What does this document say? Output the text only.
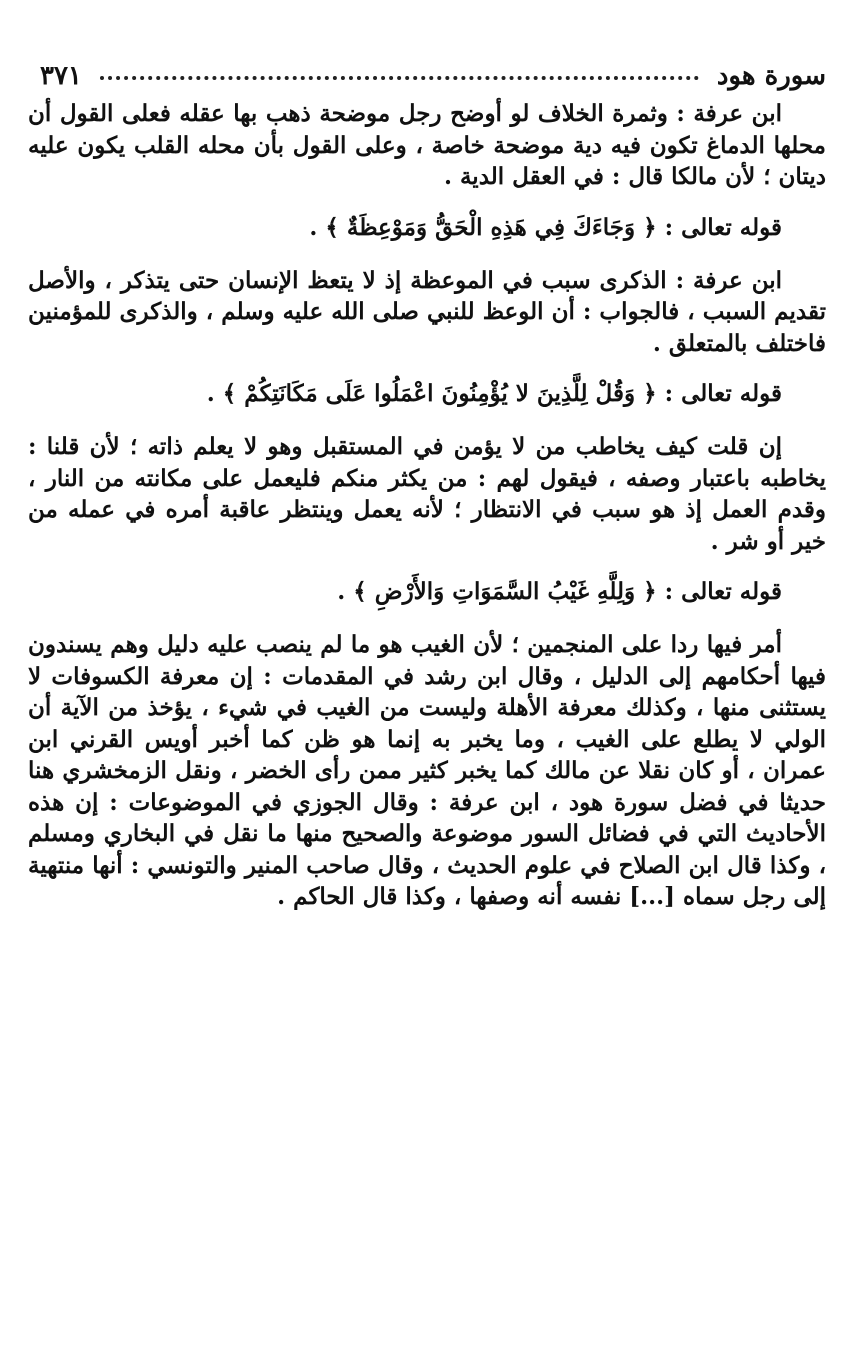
سورة هود
٣٧١

ابن عرفة : وثمرة الخلاف لو أوضح رجل موضحة ذهب بها عقله فعلى القول أن محلها الدماغ تكون فيه دية موضحة خاصة ، وعلى القول بأن محله القلب يكون عليه ديتان ؛ لأن مالكا قال : في العقل الدية .

قوله تعالى : ﴿ وَجَاءَكَ فِي هَذِهِ الْحَقُّ وَمَوْعِظَةٌ ﴾ .

ابن عرفة : الذكرى سبب في الموعظة إذ لا يتعظ الإنسان حتى يتذكر ، والأصل تقديم السبب ، فالجواب : أن الوعظ للنبي صلى الله عليه وسلم ، والذكرى للمؤمنين فاختلف بالمتعلق .

قوله تعالى : ﴿ وَقُلْ لِلَّذِينَ لا يُؤْمِنُونَ اعْمَلُوا عَلَى مَكَانَتِكُمْ ﴾ .

إن قلت كيف يخاطب من لا يؤمن في المستقبل وهو لا يعلم ذاته ؛ لأن قلنا : يخاطبه باعتبار وصفه ، فيقول لهم : من يكثر منكم فليعمل على مكانته من النار ، وقدم العمل إذ هو سبب في الانتظار ؛ لأنه يعمل وينتظر عاقبة أمره في عمله من خير أو شر .

قوله تعالى : ﴿ وَلِلَّهِ غَيْبُ السَّمَوَاتِ وَالأَرْضِ ﴾ .

أمر فيها ردا على المنجمين ؛ لأن الغيب هو ما لم ينصب عليه دليل وهم يسندون فيها أحكامهم إلى الدليل ، وقال ابن رشد في المقدمات : إن معرفة الكسوفات لا يستثنى منها ، وكذلك معرفة الأهلة وليست من الغيب في شيء ، يؤخذ من الآية أن الولي لا يطلع على الغيب ، وما يخبر به إنما هو ظن كما أخبر أويس القرني ابن عمران ، أو كان نقلا عن مالك كما يخبر كثير ممن رأى الخضر ، ونقل الزمخشري هنا حديثا في فضل سورة هود ، ابن عرفة : وقال الجوزي في الموضوعات : إن هذه الأحاديث التي في فضائل السور موضوعة والصحيح منها ما نقل في البخاري ومسلم ، وكذا قال ابن الصلاح في علوم الحديث ، وقال صاحب المنير والتونسي : أنها منتهية إلى رجل سماه [...] نفسه أنه وصفها ، وكذا قال الحاكم .
